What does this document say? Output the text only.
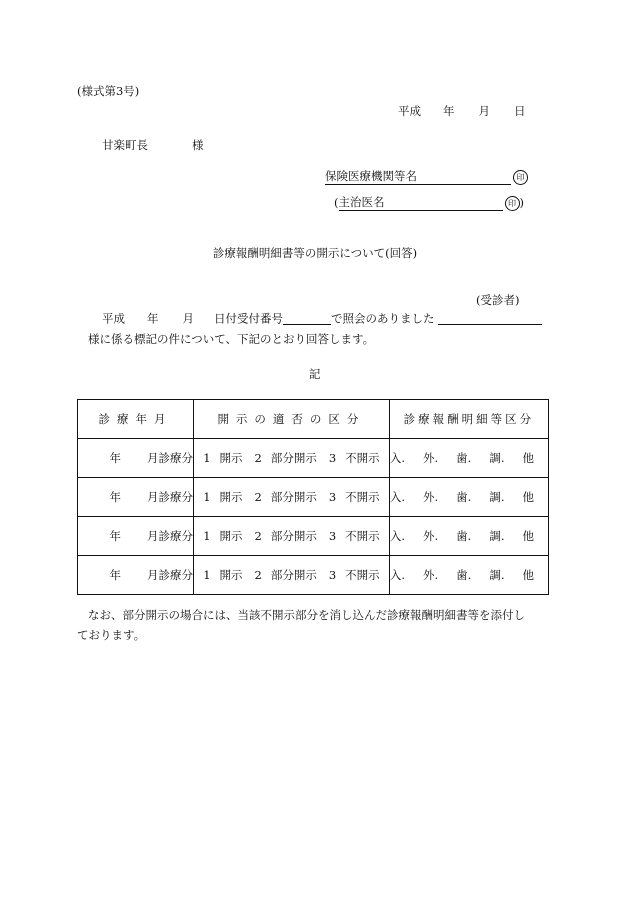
(様式第3号)
平成 年 月 日
甘楽町長	様
保険医療機関等名	印
(主治医名	印 )
診療報酬明細書等の開示について(回答)
(受診者)
平成 年 月 日付受付番号	で照会のありました
様に係る標記の件について、下記のとおり回答します。
記
診療年月	開示の適否の区分	診療報酬明細等区分
年 月診療分	1 開示 2 部分開示 3 不開示	入. 外. 歯. 調. 他
年 月診療分	1 開示 2 部分開示 3 不開示	入. 外. 歯. 調. 他
年 月診療分	1 開示 2 部分開示 3 不開示	入. 外. 歯. 調. 他
年 月診療分	1 開示 2 部分開示 3 不開示	入. 外. 歯. 調. 他
なお、部分開示の場合には、当該不開示部分を消し込んだ診療報酬明細書等を添付し
ております。
